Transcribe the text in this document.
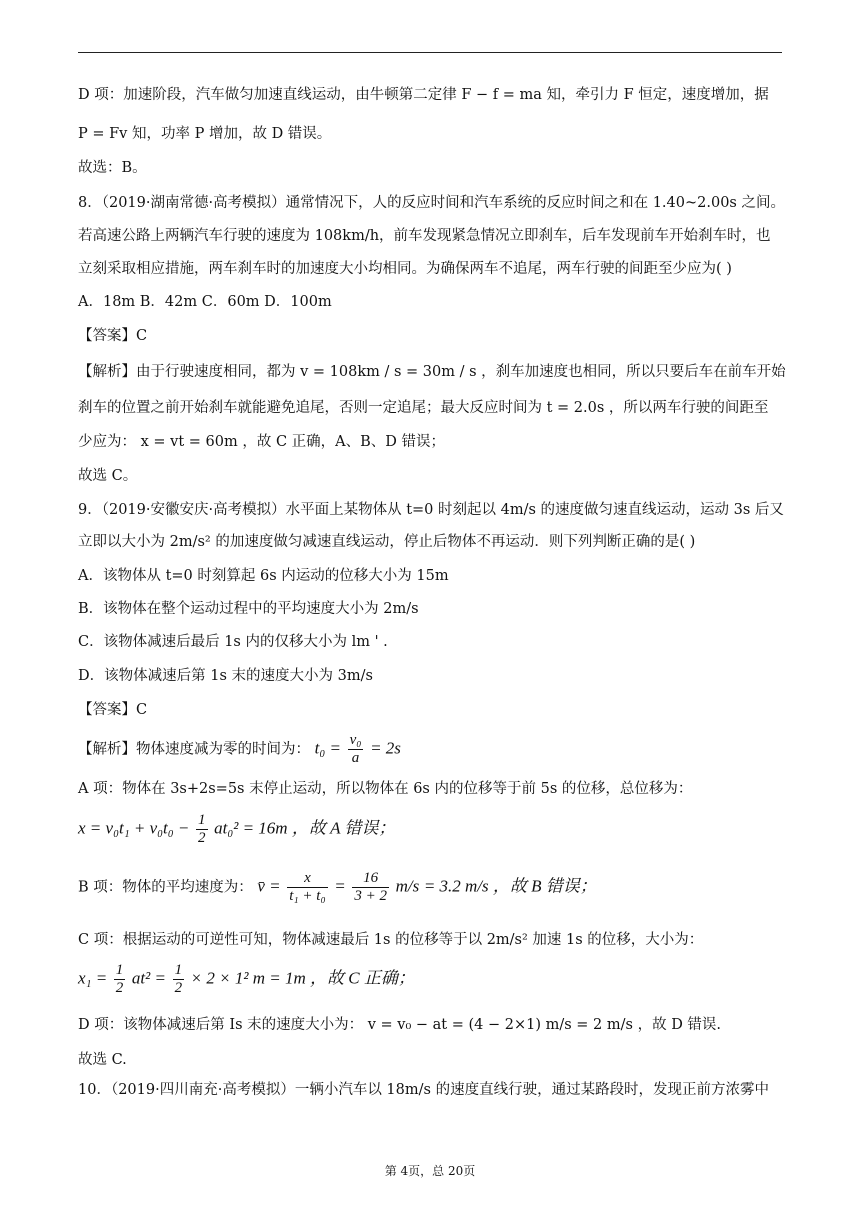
D 项：加速阶段，汽车做匀加速直线运动，由牛顿第二定律 F − f = ma 知，牵引力 F 恒定，速度增加，据
P = Fv 知，功率 P 增加，故 D 错误。
故选：B。
8．（2019·湖南常德·高考模拟）通常情况下，人的反应时间和汽车系统的反应时间之和在 1.40~2.00s 之间。
若高速公路上两辆汽车行驶的速度为 108km/h，前车发现紧急情况立即刹车，后车发现前车开始刹车时，也
立刻采取相应措施，两车刹车时的加速度大小均相同。为确保两车不追尾，两车行驶的间距至少应为( )
A．18m B．42m C．60m D．100m
【答案】C
【解析】由于行驶速度相同，都为 v = 108km / s = 30m / s ，刹车加速度也相同，所以只要后车在前车开始
刹车的位置之前开始刹车就能避免追尾，否则一定追尾；最大反应时间为 t = 2.0s ，所以两车行驶的间距至
少应为： x = vt = 60m ，故 C 正确，A、B、D 错误；
故选 C。
9．（2019·安徽安庆·高考模拟）水平面上某物体从 t=0 时刻起以 4m/s 的速度做匀速直线运动，运动 3s 后又
立即以大小为 2m/s² 的加速度做匀减速直线运动，停止后物体不再运动．则下列判断正确的是( )
A．该物体从 t=0 时刻算起 6s 内运动的位移大小为 15m
B．该物体在整个运动过程中的平均速度大小为 2m/s
C．该物体减速后最后 1s 内的仅移大小为 lm ' .
D．该物体减速后第 1s 末的速度大小为 3m/s
【答案】C
【解析】物体速度减为零的时间为： $t_0 = \frac{\text{v₀}}{a} = 2s$
A 项：物体在 3s+2s=5s 末停止运动，所以物体在 6s 内的位移等于前 5s 的位移，总位移为：
$x = v_0t_1 + v_0t_0 - \frac{1}{2} at_0^2 = 16m$ ，故 A 错误；
B 项：物体的平均速度为： v̄ = $\frac{x}{\text{t₁ + t₀}} = \frac{16}{3 + 2} m/s = 3.2$ m/s ，故 B 错误；
C 项：根据运动的可逆性可知，物体减速最后 1s 的位移等于以 2m/s² 加速 1s 的位移，大小为：
$x_1 = \frac{1}{2} at^2 = \frac{1}{2} \times 2 \times 1^2$ m = 1m ，故 C 正确；
D 项：该物体减速后第 Is 末的速度大小为： v = v₀ − at = (4 − 2×1) m/s = 2 m/s ，故 D 错误.
故选 C.
10．（2019·四川南充·高考模拟）一辆小汽车以 18m/s 的速度直线行驶，通过某路段时，发现正前方浓雾中
第 4页，总 20页
